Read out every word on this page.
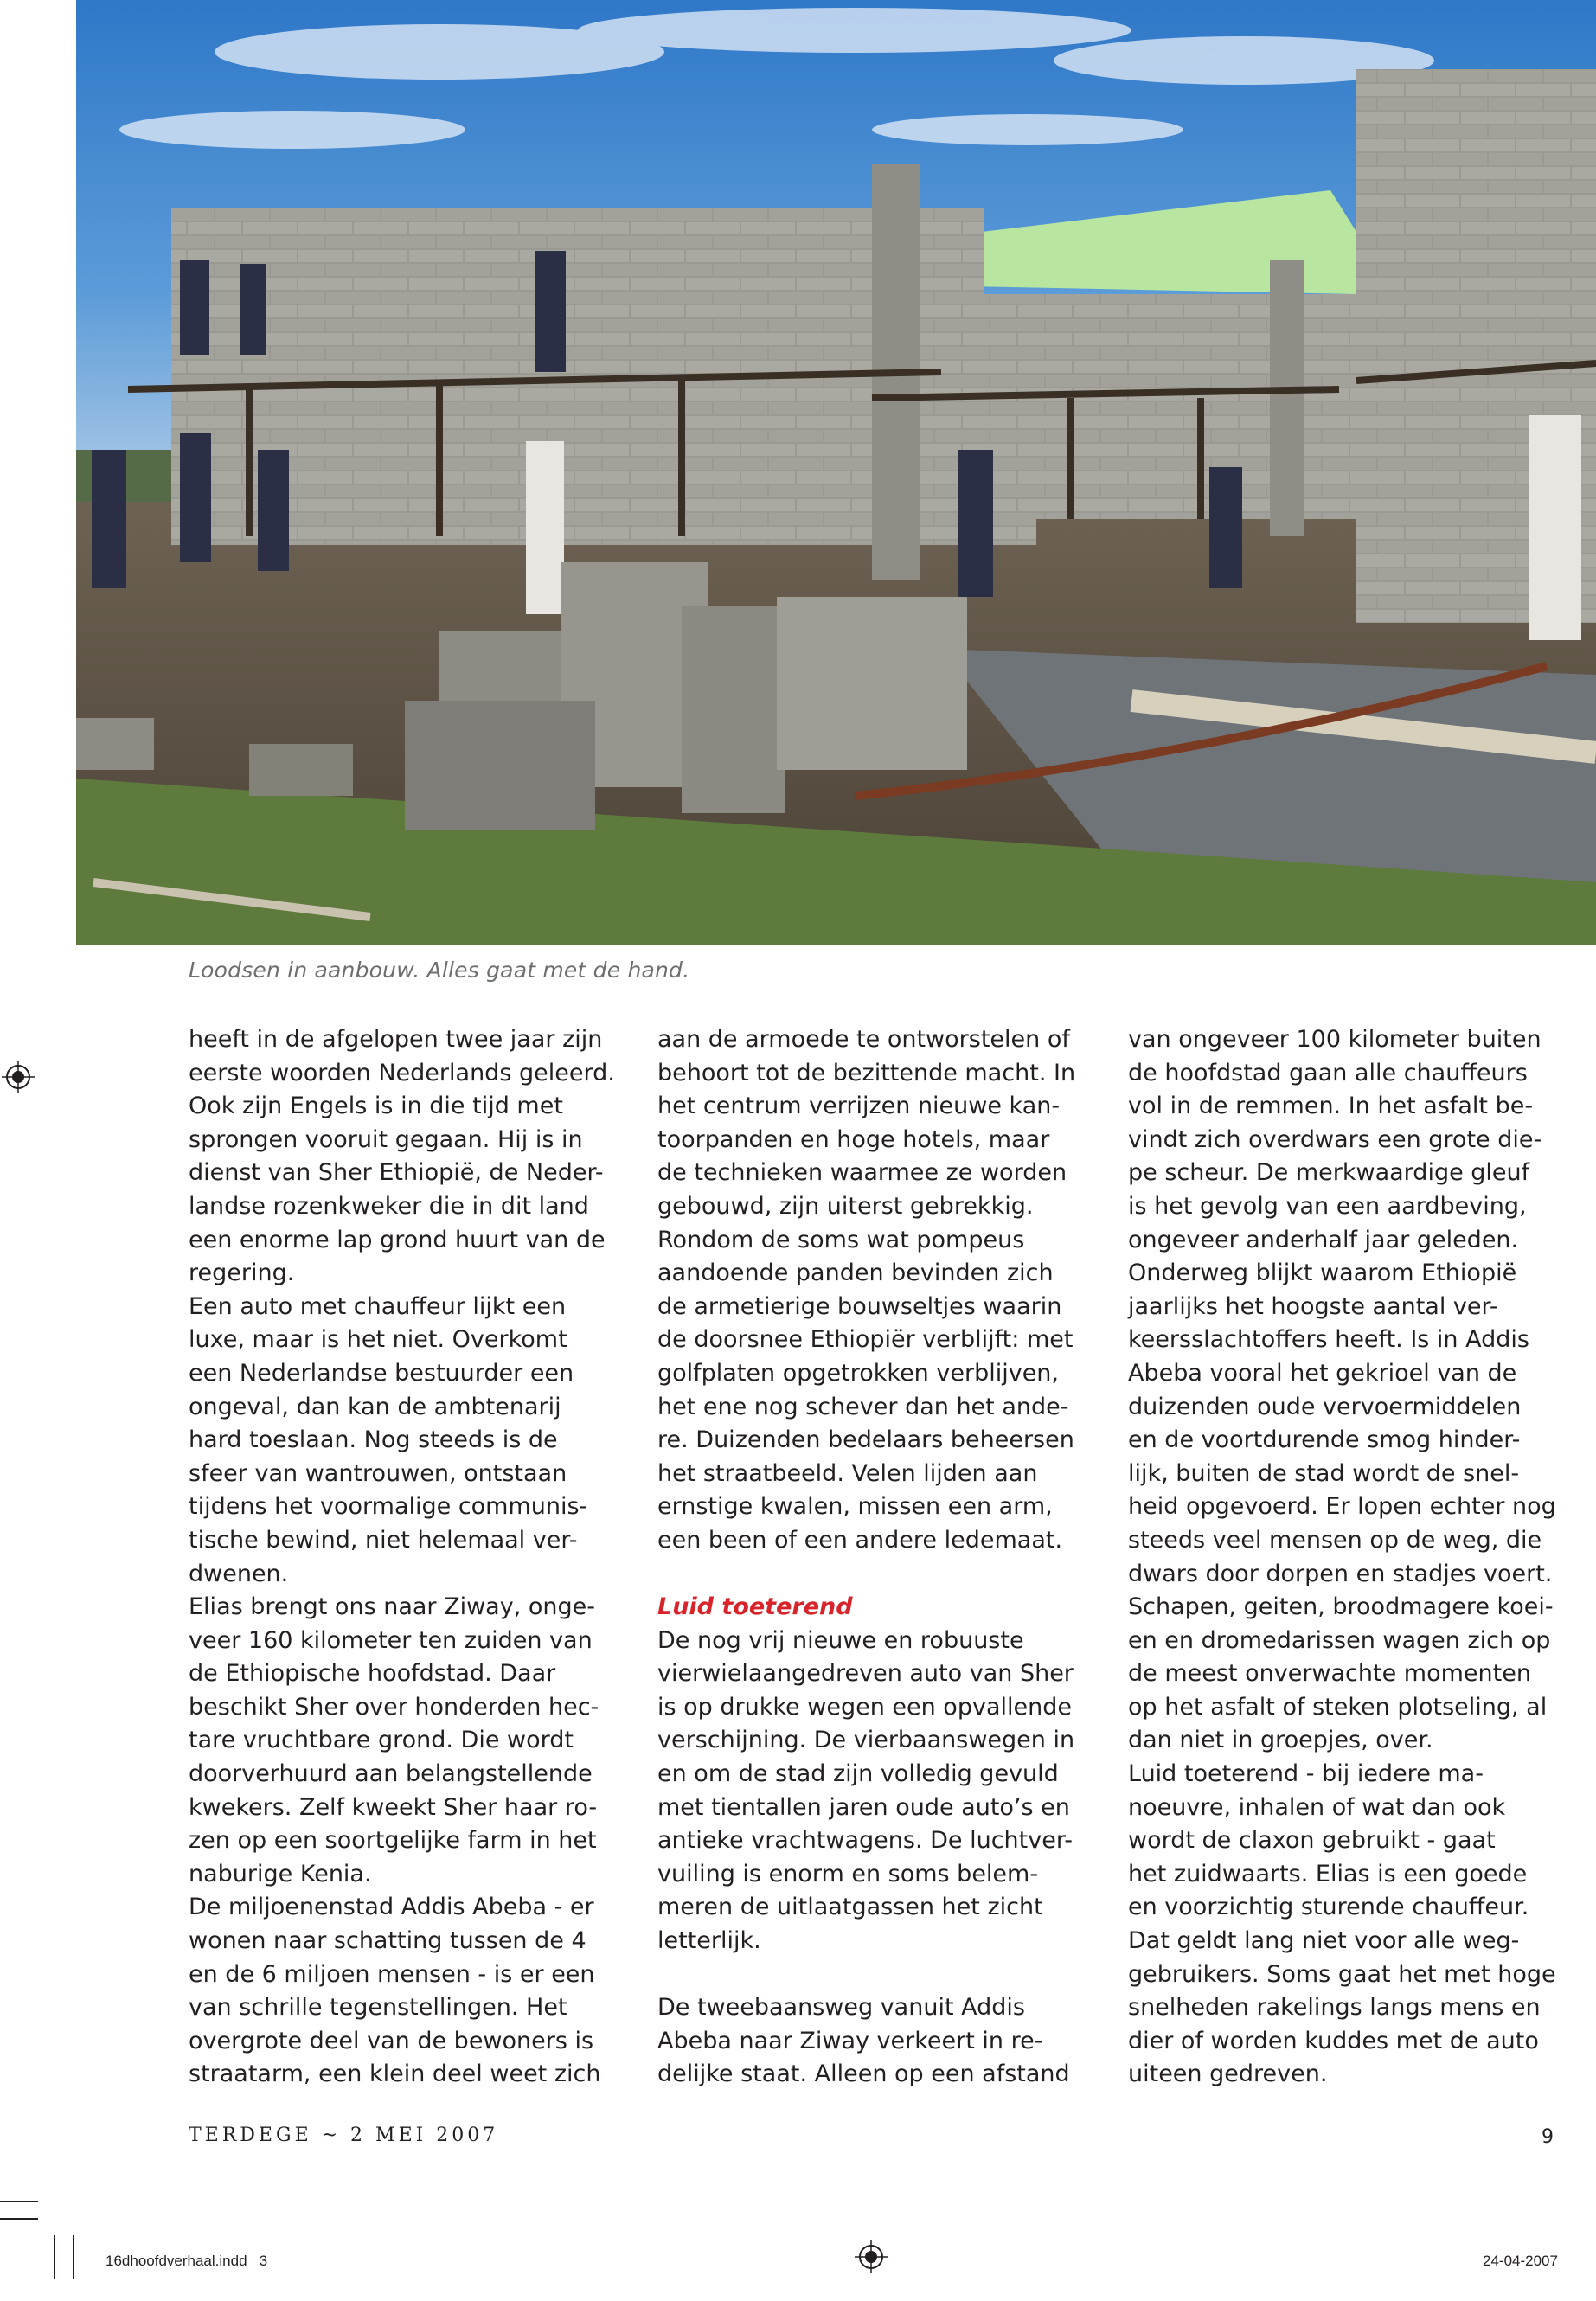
Loodsen in aanbouw. Alles gaat met de hand.
heeft in de afgelopen twee jaar zijn
eerste woorden Nederlands geleerd.
Ook zijn Engels is in die tijd met
sprongen vooruit gegaan. Hij is in
dienst van Sher Ethiopië, de Neder-
landse rozenkweker die in dit land
een enorme lap grond huurt van de
regering.
Een auto met chauffeur lijkt een
luxe, maar is het niet. Overkomt
een Nederlandse bestuurder een
ongeval, dan kan de ambtenarij
hard toeslaan. Nog steeds is de
sfeer van wantrouwen, ontstaan
tijdens het voormalige communis-
tische bewind, niet helemaal ver-
dwenen.
Elias brengt ons naar Ziway, onge-
veer 160 kilometer ten zuiden van
de Ethiopische hoofdstad. Daar
beschikt Sher over honderden hec-
tare vruchtbare grond. Die wordt
doorverhuurd aan belangstellende
kwekers. Zelf kweekt Sher haar ro-
zen op een soortgelijke farm in het
naburige Kenia.
De miljoenenstad Addis Abeba - er
wonen naar schatting tussen de 4
en de 6 miljoen mensen - is er een
van schrille tegenstellingen. Het
overgrote deel van de bewoners is
straatarm, een klein deel weet zich
aan de armoede te ontworstelen of
behoort tot de bezittende macht. In
het centrum verrijzen nieuwe kan-
toorpanden en hoge hotels, maar
de technieken waarmee ze worden
gebouwd, zijn uiterst gebrekkig.
Rondom de soms wat pompeus
aandoende panden bevinden zich
de armetierige bouwseltjes waarin
de doorsnee Ethiopiër verblijft: met
golfplaten opgetrokken verblijven,
het ene nog schever dan het ande-
re. Duizenden bedelaars beheersen
het straatbeeld. Velen lijden aan
ernstige kwalen, missen een arm,
een been of een andere ledemaat.
Luid toeterend
De nog vrij nieuwe en robuuste
vierwielaangedreven auto van Sher
is op drukke wegen een opvallende
verschijning. De vierbaanswegen in
en om de stad zijn volledig gevuld
met tientallen jaren oude auto’s en
antieke vrachtwagens. De luchtver-
vuiling is enorm en soms belem-
meren de uitlaatgassen het zicht
letterlijk.
De tweebaansweg vanuit Addis
Abeba naar Ziway verkeert in re-
delijke staat. Alleen op een afstand
van ongeveer 100 kilometer buiten
de hoofdstad gaan alle chauffeurs
vol in de remmen. In het asfalt be-
vindt zich overdwars een grote die-
pe scheur. De merkwaardige gleuf
is het gevolg van een aardbeving,
ongeveer anderhalf jaar geleden.
Onderweg blijkt waarom Ethiopië
jaarlijks het hoogste aantal ver-
keersslachtoffers heeft. Is in Addis
Abeba vooral het gekrioel van de
duizenden oude vervoermiddelen
en de voortdurende smog hinder-
lijk, buiten de stad wordt de snel-
heid opgevoerd. Er lopen echter nog
steeds veel mensen op de weg, die
dwars door dorpen en stadjes voert.
Schapen, geiten, broodmagere koei-
en en dromedarissen wagen zich op
de meest onverwachte momenten
op het asfalt of steken plotseling, al
dan niet in groepjes, over.
Luid toeterend - bij iedere ma-
noeuvre, inhalen of wat dan ook
wordt de claxon gebruikt - gaat
het zuidwaarts. Elias is een goede
en voorzichtig sturende chauffeur.
Dat geldt lang niet voor alle weg-
gebruikers. Soms gaat het met hoge
snelheden rakelings langs mens en
dier of worden kuddes met de auto
uiteen gedreven.
TERDEGE ~ 2 MEI 2007	9
16dhoofdverhaal.indd   3	24-04-2007
